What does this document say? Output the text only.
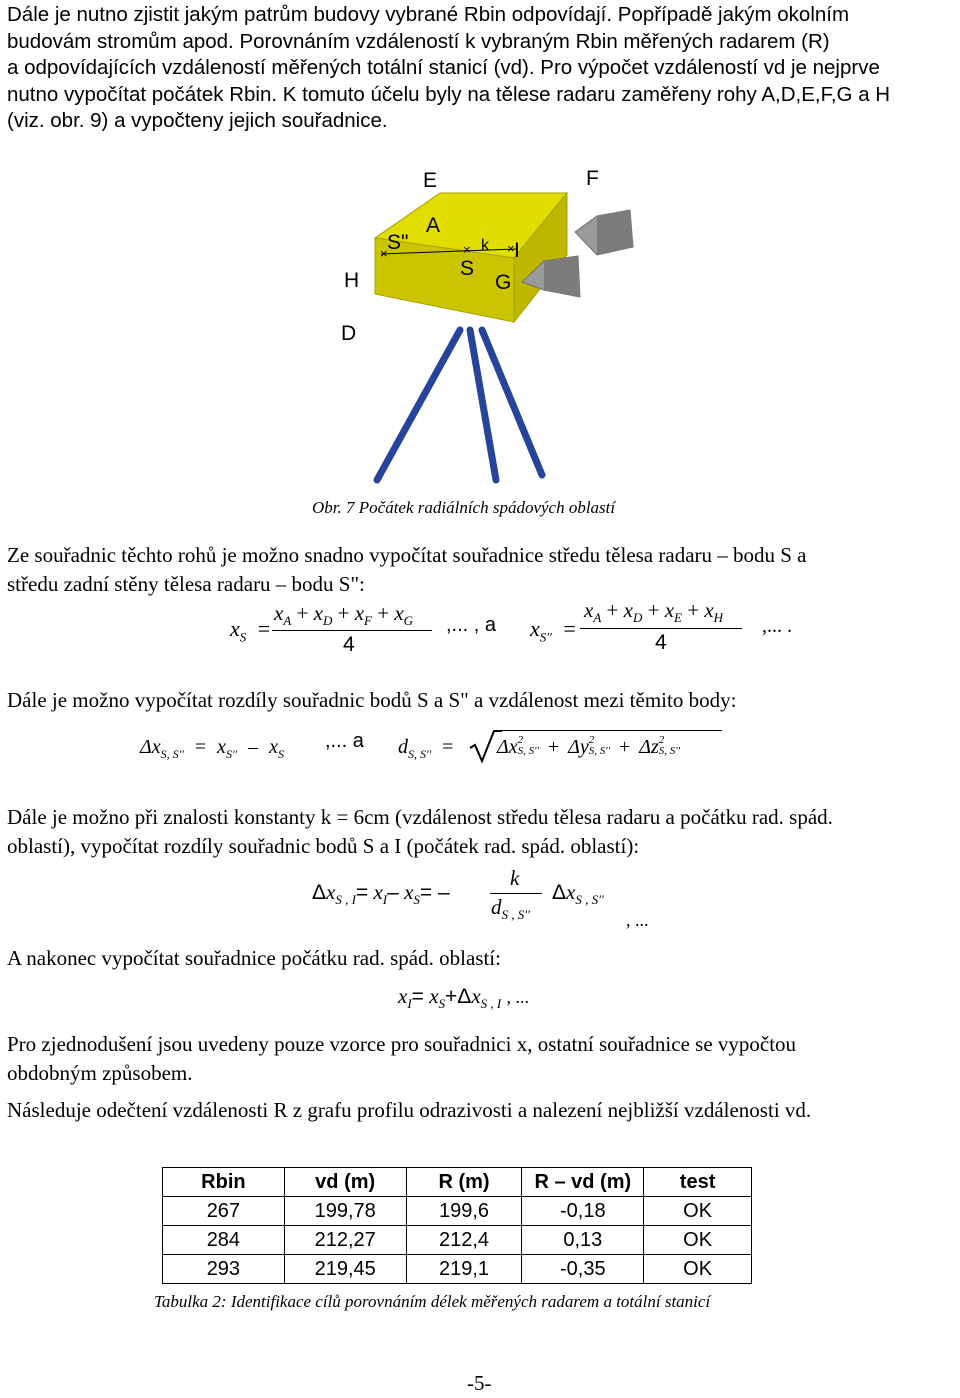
Dále je nutno zjistit jakým patrům budovy vybrané Rbin odpovídají. Popřípadě jakým okolním
budovám stromům apod. Porovnáním vzdáleností k vybraným Rbin měřených radarem (R)
a odpovídajících vzdáleností měřených totální stanicí (vd). Pro výpočet vzdáleností vd je nejprve
nutno vypočítat počátek Rbin. K tomuto účelu byly na tělese radaru zaměřeny rohy A,D,E,F,G a H
(viz. obr. 9) a vypočteny jejich souřadnice.
×	×	×
E	F
A
S"	k I
H
S
G
D
Obr. 7 Počátek radiálních spádových oblastí
Ze souřadnic těchto rohů je možno snadno vypočítat souřadnice středu tělesa radaru – bodu S a
středu zadní stěny tělesa radaru – bodu S":
$x_S$ =
$x_A + x_D + x_F + x_G$
4
,... , a $x_{S''}$ =
$x_A + x_D + x_E + x_H$
4
,... .
Dále je možno vypočítat rozdíly souřadnic bodů S a S" a vzdálenost mezi těmito body:
$\Delta x_{S, S''} = x_{S''} - x_S$
,... a $d_{S, S''} = \Delta x$ 2
S, S'' + Δy 2
S, S'' + Δz 2
S, S''
Dále je možno při znalosti konstanty k = 6cm (vzdálenost středu tělesa radaru a počátku rad. spád.
oblastí), vypočítat rozdíly souřadnic bodů S a I (počátek rad. spád. oblastí):
$\Delta x_{S , I}= x_I-$ $x_S=$ –
k
$d_{S , S''}$
$\Delta x_{S , S''}$
, ...
A nakonec vypočítat souřadnice počátku rad. spád. oblastí:
$x_I= x_S+\Delta x_{S , I}$ , ...
Pro zjednodušení jsou uvedeny pouze vzorce pro souřadnici x, ostatní souřadnice se vypočtou
obdobným způsobem.
Následuje odečtení vzdálenosti R z grafu profilu odrazivosti a nalezení nejbližší vzdálenosti vd.
Rbin	vd (m)	R (m)	R – vd (m)	test
267	199,78	199,6	-0,18	OK
284	212,27	212,4	0,13	OK
293	219,45	219,1	-0,35	OK
Tabulka 2: Identifikace cílů porovnáním délek měřených radarem a totální stanicí
-5-
